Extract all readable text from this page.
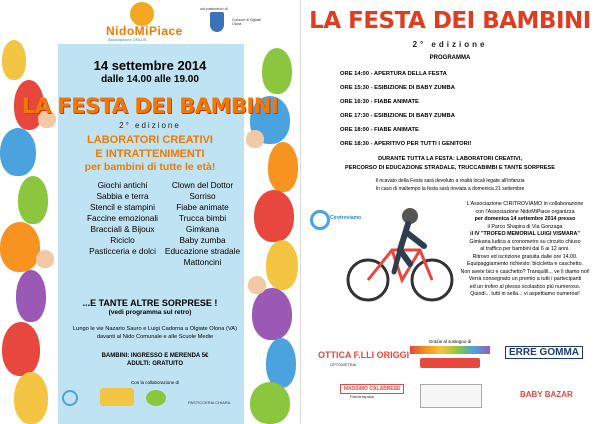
NidoMiPiace
Associazione ONLUS
col patrocinio di
Comune di Olgiate Olona
14 settembre 2014
dalle 14.00 alle 19.00
LA FESTA DEI BAMBINI
2° edizione
LABORATORI CREATIVI
E INTRATTENIMENTI
per bambini di tutte le età!
Giochi antichi
Sabbia e terra
Stencil e stampini
Faccine emozionali
Bracciali & Bijoux
Riciclo
Pasticceria e dolci
Clown del Dottor Sorriso
Fiabe animate
Trucca bimbi
Gimkana
Baby zumba
Educazione stradale
Mattoncini
...E TANTE ALTRE SORPRESE !
(vedi programma sul retro)
Lungo le vie Nazario Sauro e Luigi Cadorna a Olgiate Olona (VA)
davanti al Nido Comunale e alle Scuole Medie
BAMBINI: INGRESSO E MERENDA 5€
ADULTI: GRATUITO
Con la collaborazione di
PASTICCERIA CHIARA
LA FESTA DEI BAMBINI
2° edizione
PROGRAMMA
ORE 14:00 - APERTURA DELLA FESTA
ORE 15:30 - ESIBIZIONE DI BABY ZUMBA
ORE 16:30 - FIABE ANIMATE
ORE 17:30 - ESIBIZIONE DI BABY ZUMBA
ORE 18:00 - FIABE ANIMATE
ORE 18:30 - APERITIVO PER TUTTI I GENITORI!
DURANTE TUTTA LA FESTA: LABORATORI CREATIVI,
PERCORSO DI EDUCAZIONE STRADALE, TRUCCABIMBI E TANTE SORPRESE
Il ricavato della Festa sarà devoluto a realtà locali legate all'infanzia
In caso di maltempo la festa sarà rinviata a domenica 21 settembre
Cirotroviamo
L'Associazione CIRITROVIAMO in collaborazione
con l'Associazione NidoMiPiace organizza
per domenica 14 settembre 2014 presso
il Parco Shapira di Via Gonzaga
il IV "TROFEO MEMORIAL LUIGI VISMARA"
Gimkana ludica a cronometro su circuito chiuso
al traffico per bambini dai 6 ai 12 anni.
Ritrovo ed iscrizione gratuita dalle ore 14.00.
Equipaggiamento richiesto: bicicletta e caschetto.
Non avete bici e caschetto? Tranquilli... ve li diamo noi!
Verrà consegnato un premio a tutti i partecipanti
ed un trofeo al plesso scolastico più numeroso.
Quindi... tutti in sella... vi aspettiamo numerosi!
Grazie al sostegno di
OTTICA F.LLI ORIGGI
OPTOMETRIA
ERRE GOMMA
MASSIMO CALABRESE
Fisioterapista	BABY BAZAR
